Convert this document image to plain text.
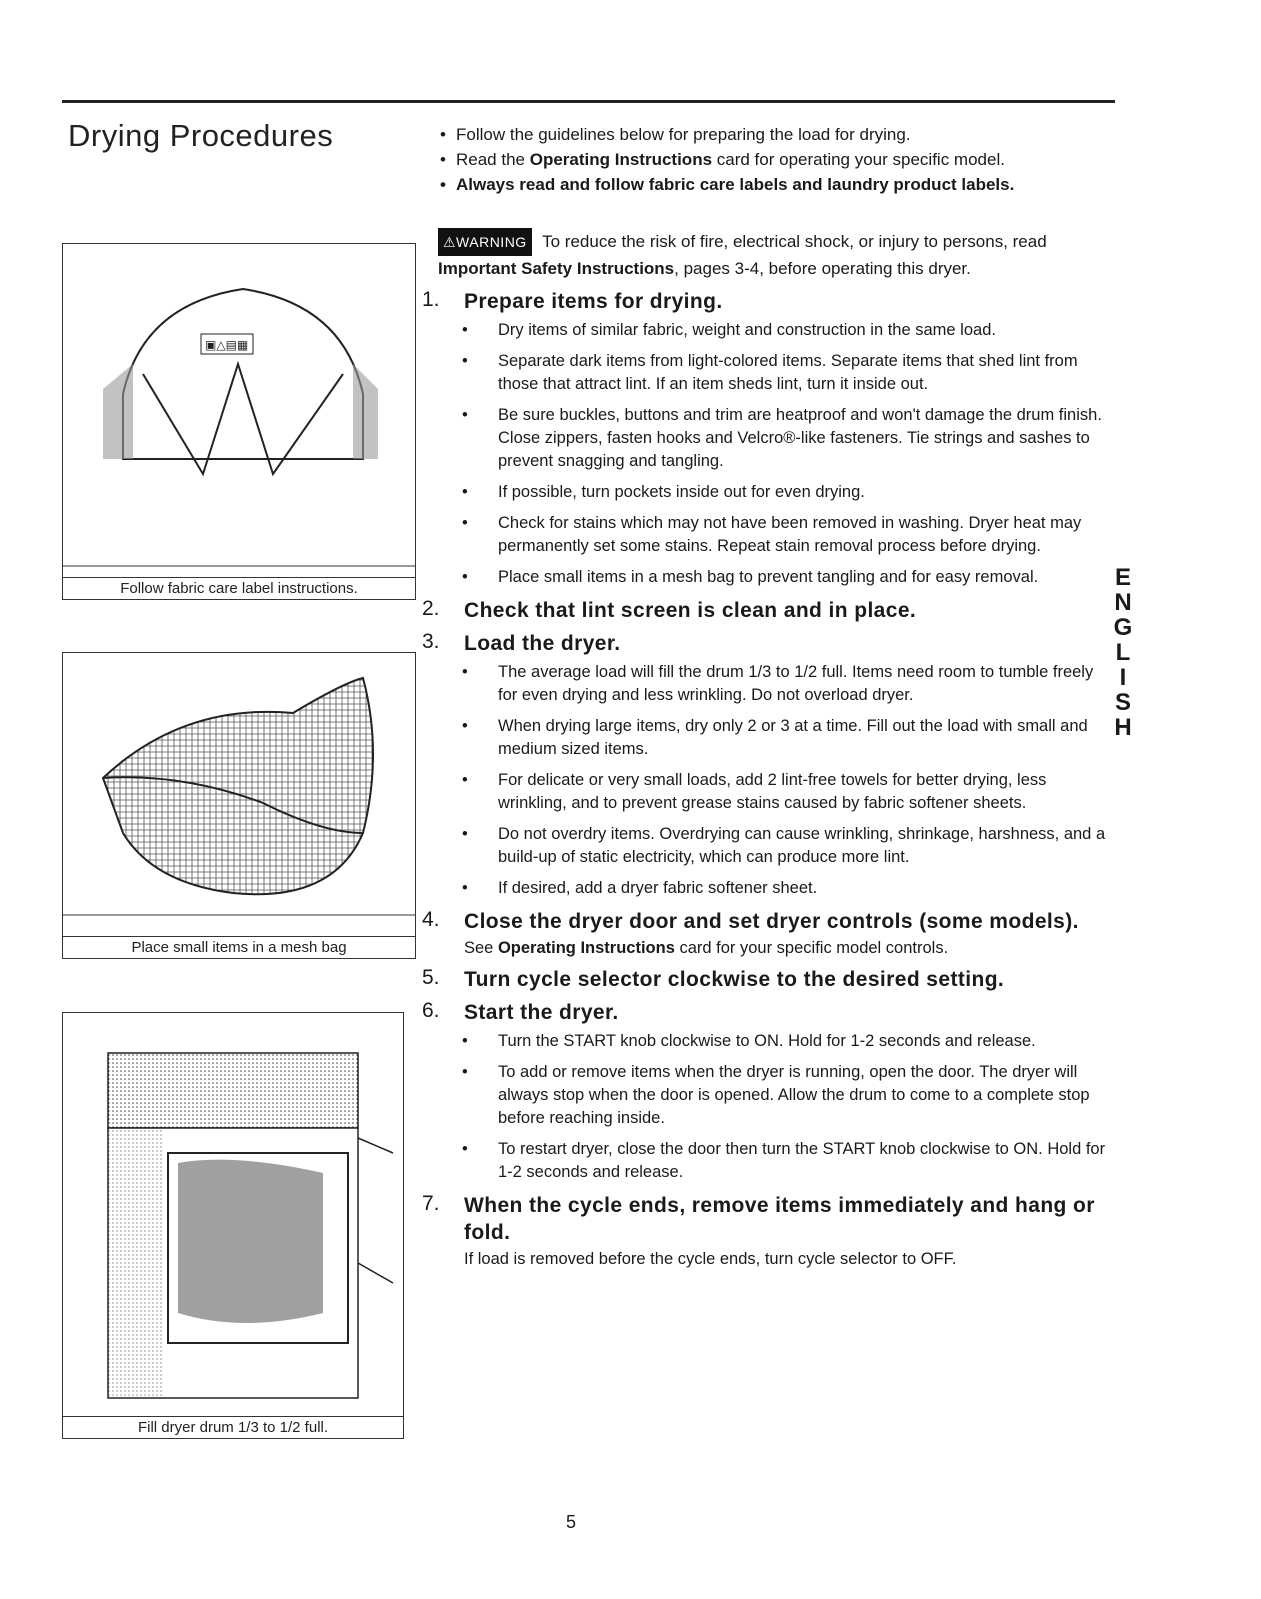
Drying Procedures
•	Follow the guidelines below for preparing the load for drying.
• Read the Operating Instructions card for operating your specific model.
• Always read and follow fabric care labels and laundry product labels.
⚠WARNING To reduce the risk of fire, electrical shock, or injury to persons, read Important Safety Instructions, pages 3-4, before operating this dryer.
▣△▤▦
Follow fabric care label instructions.
Place small items in a mesh bag
Fill dryer drum 1/3 to 1/2 full.
1. Prepare items for drying.
• Dry items of similar fabric, weight and construction in the same load.
• Separate dark items from light-colored items. Separate items that shed lint from those that attract lint. If an item sheds lint, turn it inside out.
• Be sure buckles, buttons and trim are heatproof and won't damage the drum finish. Close zippers, fasten hooks and Velcro®-like fasteners. Tie strings and sashes to prevent snagging and tangling.
• If possible, turn pockets inside out for even drying.
• Check for stains which may not have been removed in washing. Dryer heat may permanently set some stains. Repeat stain removal process before drying.
• Place small items in a mesh bag to prevent tangling and for easy removal.
2. Check that lint screen is clean and in place.
3. Load the dryer.
• The average load will fill the drum 1/3 to 1/2 full. Items need room to tumble freely for even drying and less wrinkling. Do not overload dryer.
• When drying large items, dry only 2 or 3 at a time. Fill out the load with small and medium sized items.
• For delicate or very small loads, add 2 lint-free towels for better drying, less wrinkling, and to prevent grease stains caused by fabric softener sheets.
• Do not overdry items. Overdrying can cause wrinkling, shrinkage, harshness, and a build-up of static electricity, which can produce more lint.
• If desired, add a dryer fabric softener sheet.
4. Close the dryer door and set dryer controls (some models).
See Operating Instructions card for your specific model controls.
5. Turn cycle selector clockwise to the desired setting.
6. Start the dryer.
• Turn the START knob clockwise to ON. Hold for 1-2 seconds and release.
• To add or remove items when the dryer is running, open the door. The dryer will always stop when the door is opened. Allow the drum to come to a complete stop before reaching inside.
• To restart dryer, close the door then turn the START knob clockwise to ON. Hold for 1-2 seconds and release.
7. When the cycle ends, remove items immediately and hang or fold.
If load is removed before the cycle ends, turn cycle selector to OFF.
E
N
G
L
I
S
H
5
